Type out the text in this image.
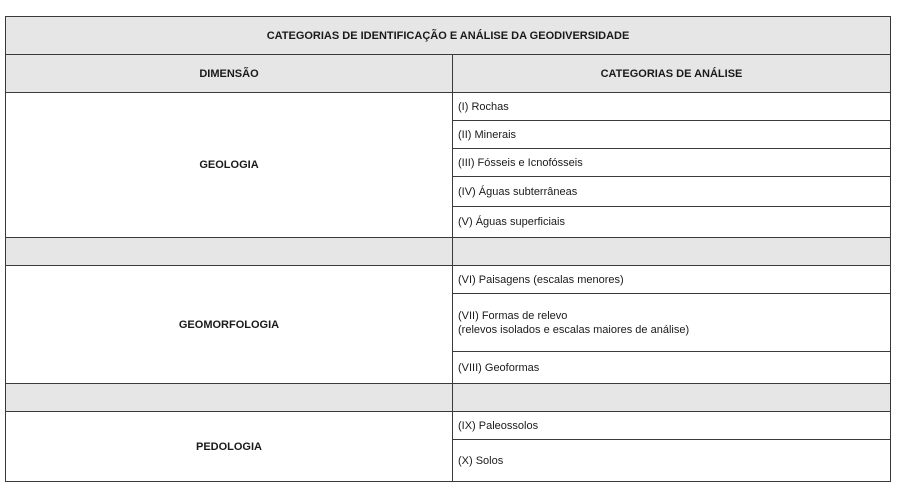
CATEGORIAS DE IDENTIFICAÇÃO E ANÁLISE DA GEODIVERSIDADE	
DIMENSÃO	CATEGORIAS DE ANÁLISE
GEOLOGIA	(I) Rochas
	(II) Minerais
	(III) Fósseis e Icnofósseis
	(IV) Águas subterrâneas
	(V) Águas superficiais

GEOMORFOLOGIA	(VI) Paisagens (escalas menores)

	(VII) Formas de relevo
(relevos isolados e escalas maiores de análise)

	(VIII) Geoformas

PEDOLOGIA	(IX) Paleossolos
	(X) Solos
